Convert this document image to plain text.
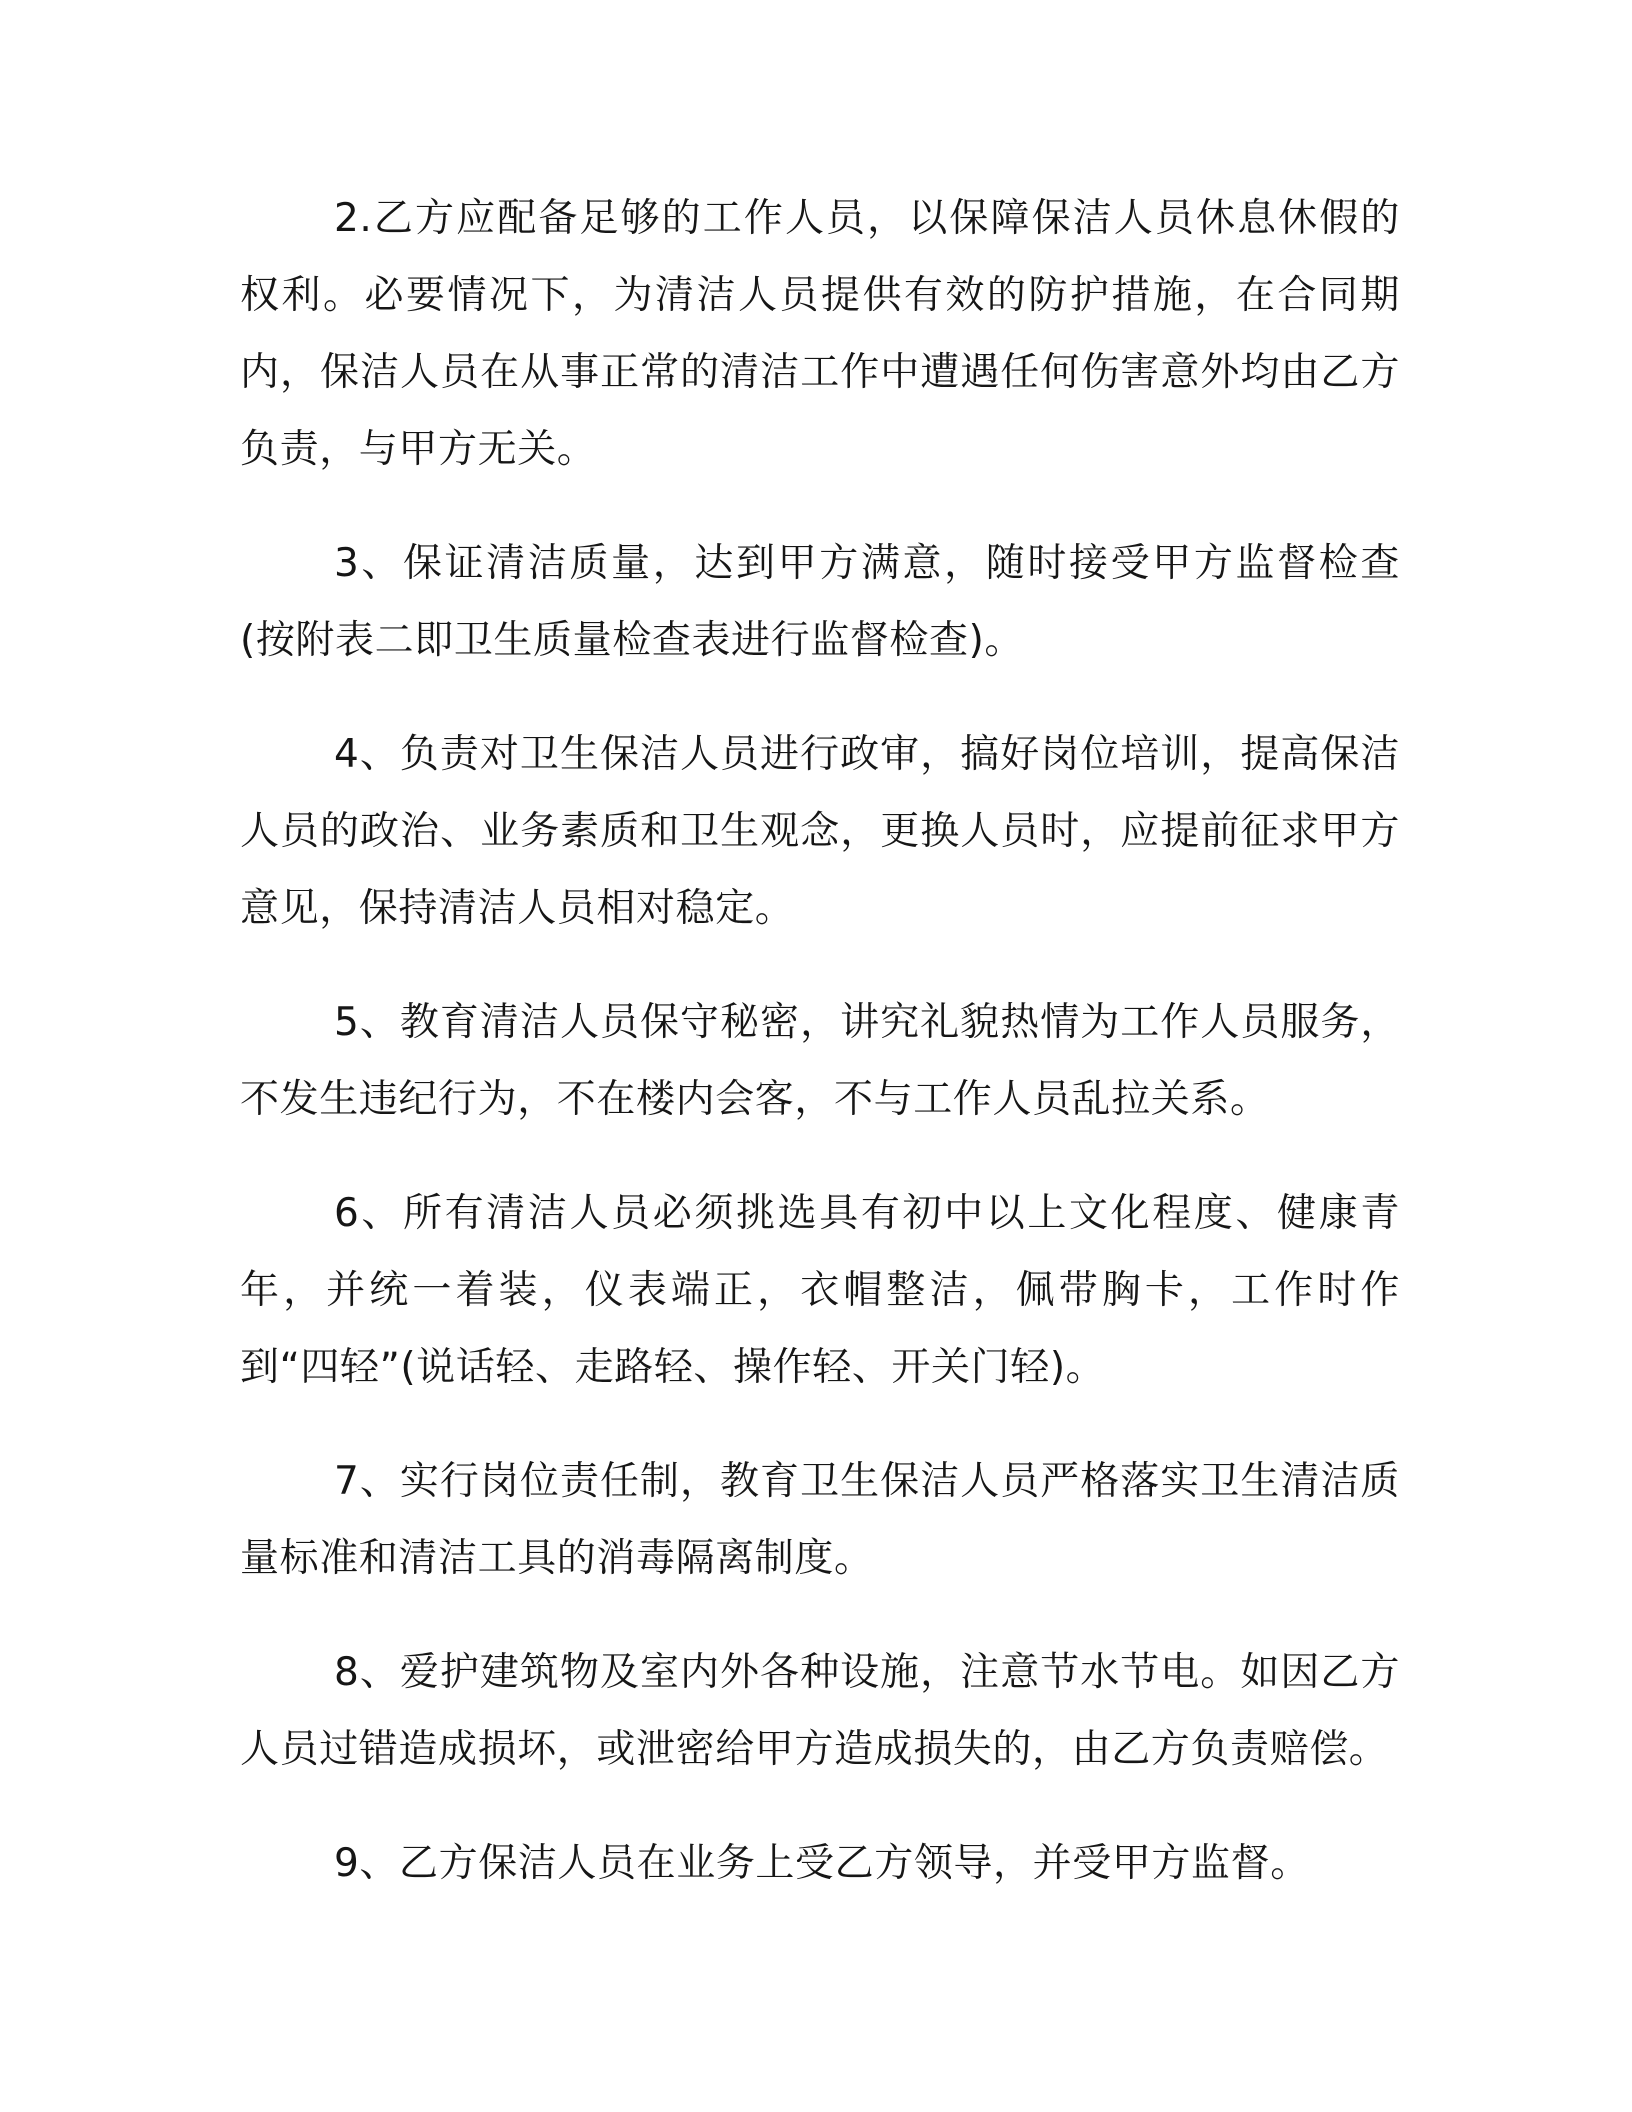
2.乙方应配备足够的工作人员，以保障保洁人员休息休假的权利。必要情况下，为清洁人员提供有效的防护措施，在合同期内，保洁人员在从事正常的清洁工作中遭遇任何伤害意外均由乙方负责，与甲方无关。

3、保证清洁质量，达到甲方满意，随时接受甲方监督检查(按附表二即卫生质量检查表进行监督检查)。

4、负责对卫生保洁人员进行政审，搞好岗位培训，提高保洁人员的政治、业务素质和卫生观念，更换人员时，应提前征求甲方意见，保持清洁人员相对稳定。

5、教育清洁人员保守秘密，讲究礼貌热情为工作人员服务，不发生违纪行为，不在楼内会客，不与工作人员乱拉关系。

6、所有清洁人员必须挑选具有初中以上文化程度、健康青年，并统一着装，仪表端正，衣帽整洁，佩带胸卡，工作时作到“四轻”(说话轻、走路轻、操作轻、开关门轻)。

7、实行岗位责任制，教育卫生保洁人员严格落实卫生清洁质量标准和清洁工具的消毒隔离制度。

8、爱护建筑物及室内外各种设施，注意节水节电。如因乙方人员过错造成损坏，或泄密给甲方造成损失的，由乙方负责赔偿。

9、乙方保洁人员在业务上受乙方领导，并受甲方监督。
